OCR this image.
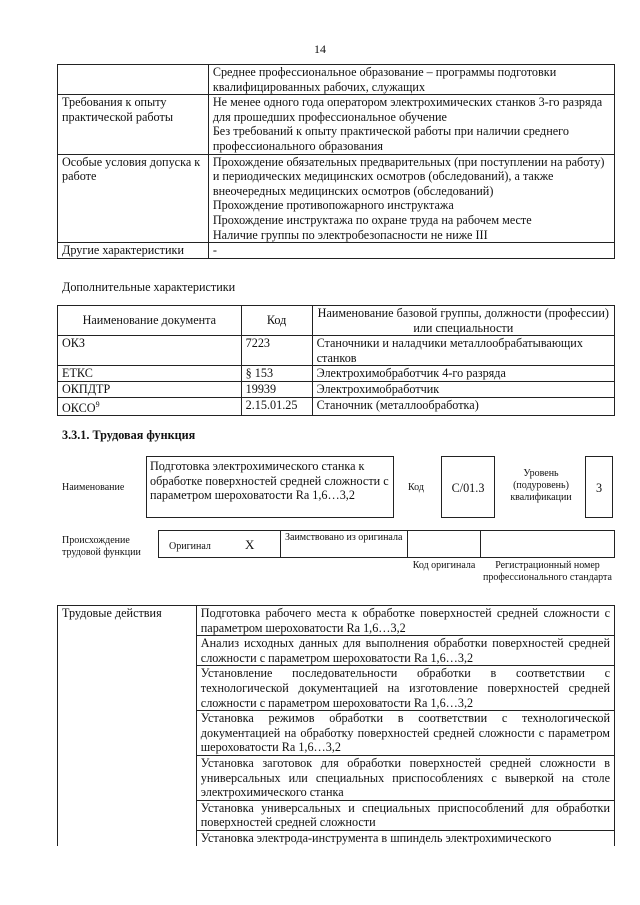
14

	Среднее профессиональное образование – программы подготовки квалифицированных рабочих, служащих

Требования к опыту практической работы	Не менее одного года оператором электрохимических станков 3-го разряда для прошедших профессиональное обучение
Без требований к опыту практической работы при наличии среднего профессионального образования

Особые условия допуска к работе	Прохождение обязательных предварительных (при поступлении на работу) и периодических медицинских осмотров (обследований), а также внеочередных медицинских осмотров (обследований)
Прохождение противопожарного инструктажа
Прохождение инструктажа по охране труда на рабочем месте
Наличие группы по электробезопасности не ниже III

Другие характеристики	-
Дополнительные характеристики
Наименование документа	Код	Наименование базовой группы, должности (профессии) или специальности
ОКЗ	7223	Станочники и наладчики металлообрабатывающих станков
ЕТКС	§ 153	Электрохимобработчик 4-го разряда
ОКПДТР	19939	Электрохимобработчик
ОКСО$^9$	2.15.01.25	Станочник (металлообработка)
3.3.1. Трудовая функция
Наименование
Подготовка электрохимического станка к обработке поверхностей средней сложности с параметром шероховатости Ra 1,6…3,2
Код	С/01.3
Уровень (подуровень) квалификации
3
Происхождение трудовой функции
Оригинал	X	Заимствовано из оригинала
Код оригинала	Регистрационный номер профессионального стандарта
Трудовые действия	Подготовка рабочего места к обработке поверхностей средней сложности с параметром шероховатости Ra 1,6…3,2
Анализ исходных данных для выполнения обработки поверхностей средней сложности с параметром шероховатости Ra 1,6…3,2
Установление последовательности обработки в соответствии с технологической документацией на изготовление поверхностей средней сложности с параметром шероховатости Ra 1,6…3,2
Установка режимов обработки в соответствии с технологической документацией на обработку поверхностей средней сложности с параметром шероховатости Ra 1,6…3,2
Установка заготовок для обработки поверхностей средней сложности в универсальных или специальных приспособлениях с выверкой на столе электрохимического станка
Установка универсальных и специальных приспособлений для обработки поверхностей средней сложности
Установка электрода-инструмента в шпиндель электрохимического
